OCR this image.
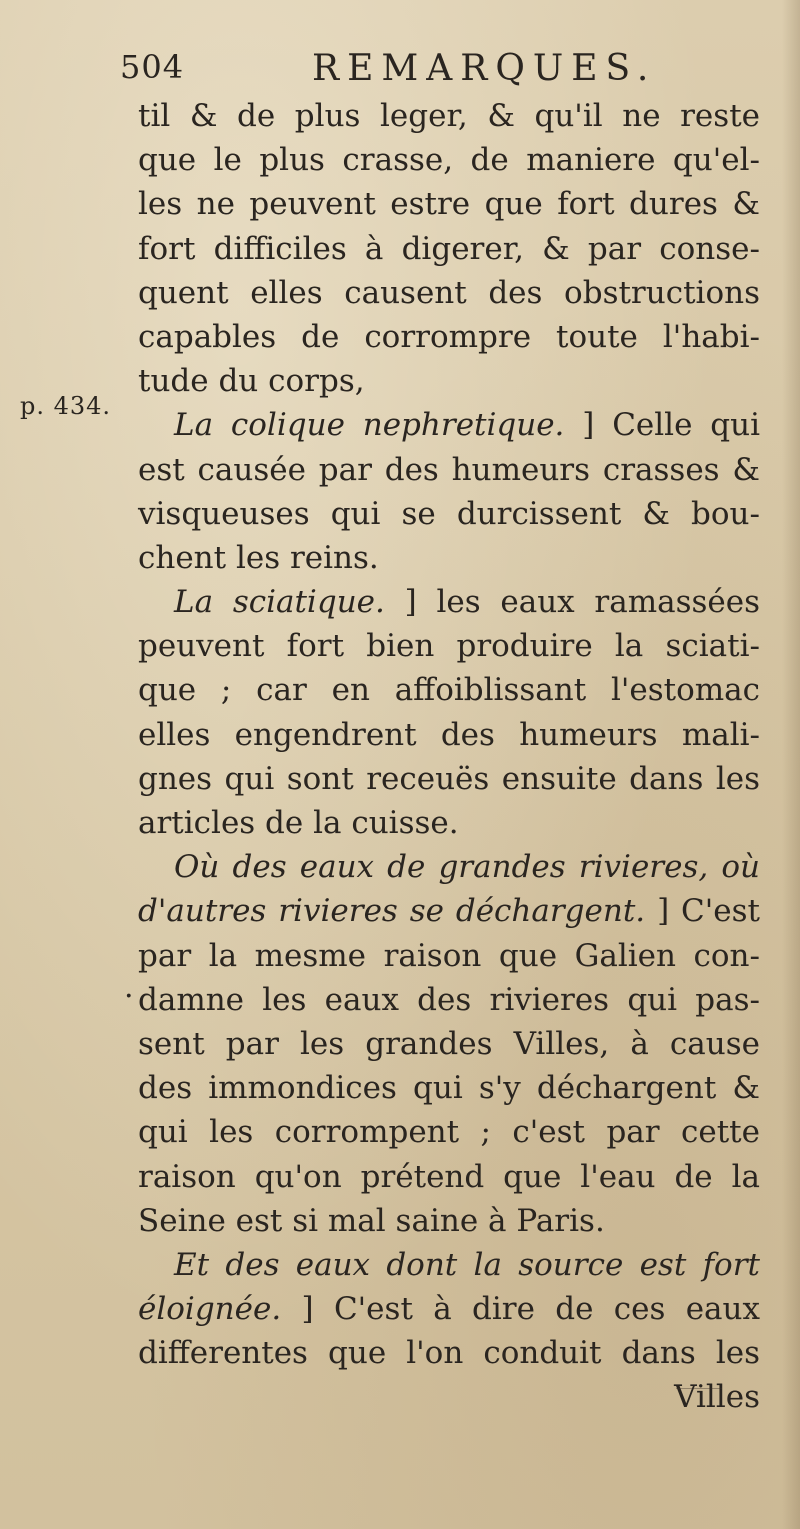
504	REMARQUES.
p. 434.
.
til & de plus leger, & qu'il ne reste
que le plus crasse, de maniere qu'el-
les ne peuvent estre que fort dures &
fort difficiles à digerer, & par conse-
quent elles causent des obstructions
capables de corrompre toute l'habi-
tude du corps,
La colique nephretique. ] Celle qui
est causée par des humeurs crasses &
visqueuses qui se durcissent & bou-
chent les reins.
La sciatique. ] les eaux ramassées
peuvent fort bien produire la sciati-
que ; car en affoiblissant l'estomac
elles engendrent des humeurs mali-
gnes qui sont receuës ensuite dans les
articles de la cuisse.
Où des eaux de grandes rivieres, où
d'autres rivieres se déchargent. ] C'est
par la mesme raison que Galien con-
damne les eaux des rivieres qui pas-
sent par les grandes Villes, à cause
des immondices qui s'y déchargent &
qui les corrompent ; c'est par cette
raison qu'on prétend que l'eau de la
Seine est si mal saine à Paris.
Et des eaux dont la source est fort
éloignée. ] C'est à dire de ces eaux
differentes que l'on conduit dans les
Villes
